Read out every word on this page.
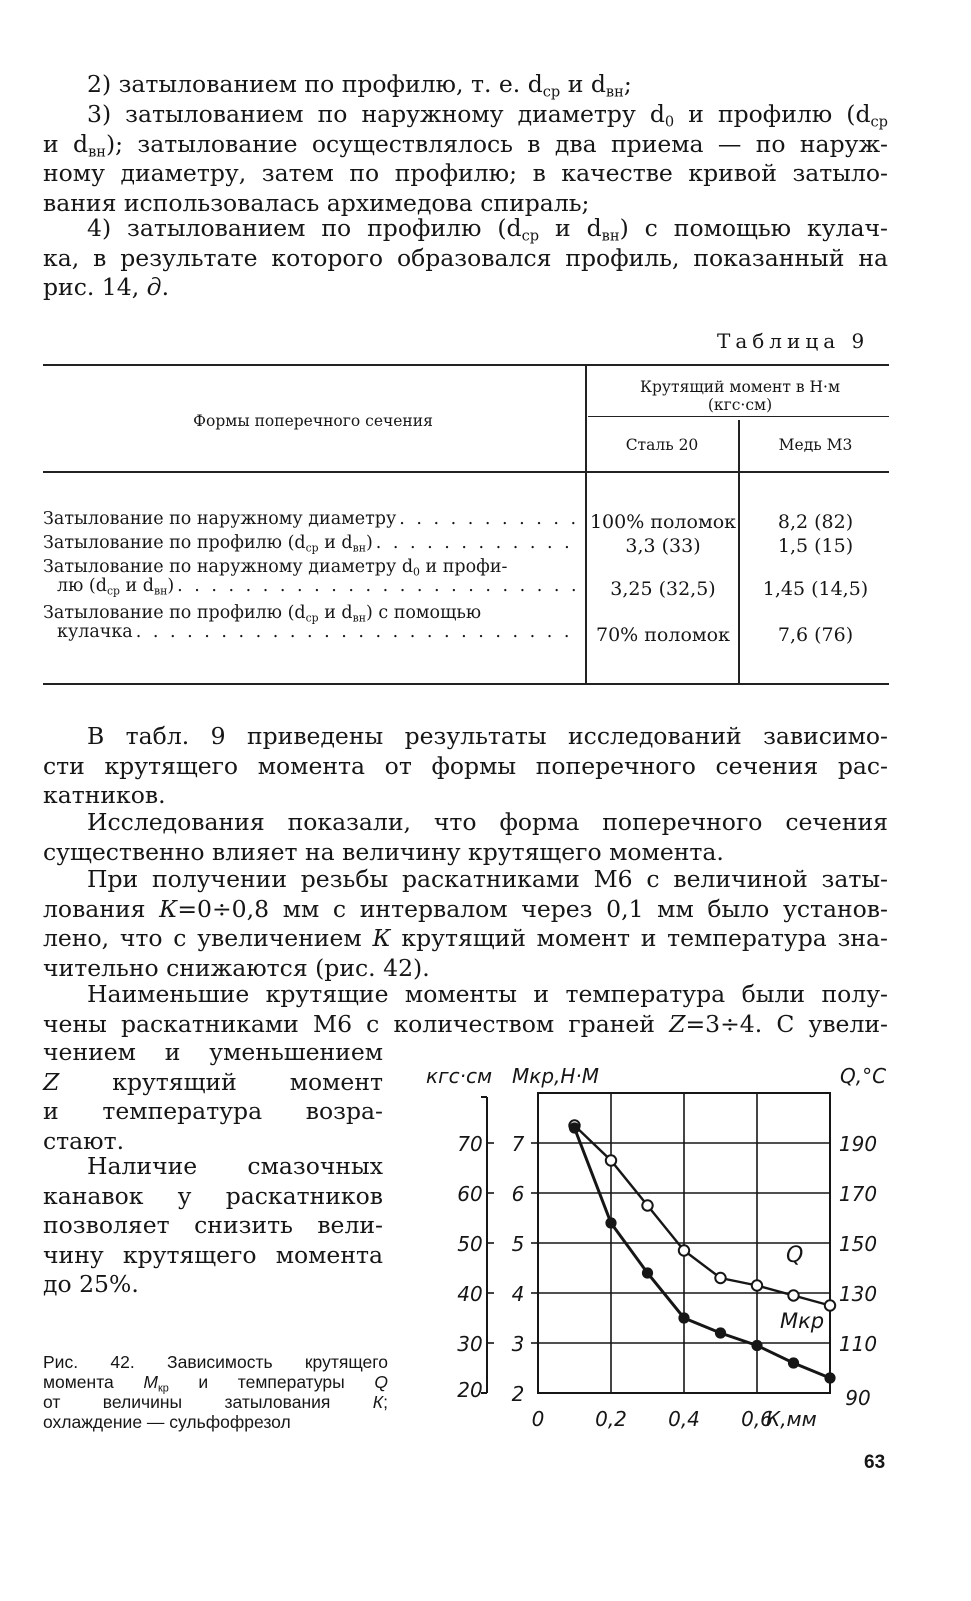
2) затылованием по профилю, т. е. $d_{ср}$ и $d_{вн}$;
3) затылованием по наружному диаметру $d_0$ и профилю ($d_{ср}$
и $d_{вн}$); затылование осуществлялось в два приема — по наруж-
ному диаметру, затем по профилю; в качестве кривой затыло-
вания использовалась архимедова спираль;
4) затылованием по профилю ($d_{ср}$ и $d_{вн}$) с помощью кулач-
ка, в результате которого образовался профиль, показанный на
рис. 14, д.
Таблица 9
Формы поперечного сечения
Крутящий момент в Н·м (кгс·см)
Сталь 20	Медь М3
Затылование по наружному диаметру . . .	100% поломок	8,2 (82)
Затылование по профилю ($d_{ср}$ и $d_{вн}$) . . .	3,3 (33)	1,5 (15)
Затылование по наружному диаметру $d_0$ и профи-
лю ($d_{ср}$ и $d_{вн}$) . . .	3,25 (32,5)	1,45 (14,5)
Затылование по профилю ($d_{ср}$ и $d_{вн}$) с помощью
кулачка . . .	70% поломок	7,6 (76)
В табл. 9 приведены результаты исследований зависимо-
сти крутящего момента от формы поперечного сечения рас-
катников.
Исследования показали, что форма поперечного сечения
существенно влияет на величину крутящего момента.
При получении резьбы раскатниками М6 с величиной заты-
лования К=0÷0,8 мм с интервалом через 0,1 мм было установ-
лено, что с увеличением К крутящий момент и температура зна-
чительно снижаются (рис. 42).
Наименьшие крутящие моменты и температура были полу-
чены раскатниками М6 с количеством граней Z=3÷4. С увели-
чением и уменьшением
Z крутящий момент
и температура возра-
стают.
Наличие смазочных
канавок у раскатников
позволяет снизить вели-
чину крутящего момента
до 25%.
7
6
5
4
3
2
70
60
50
40
30
20
190
170
150
130
110
90
кгс·см Мкр,Н·М	Q,°С
0	0,2 0,4 0,6
К,мм
Q
Mкр
Рис. 42. Зависимость крутящего
момента $М_{кр}$ и температуры Q
от величины затылования К;
охлаждение — сульфофрезол
63
